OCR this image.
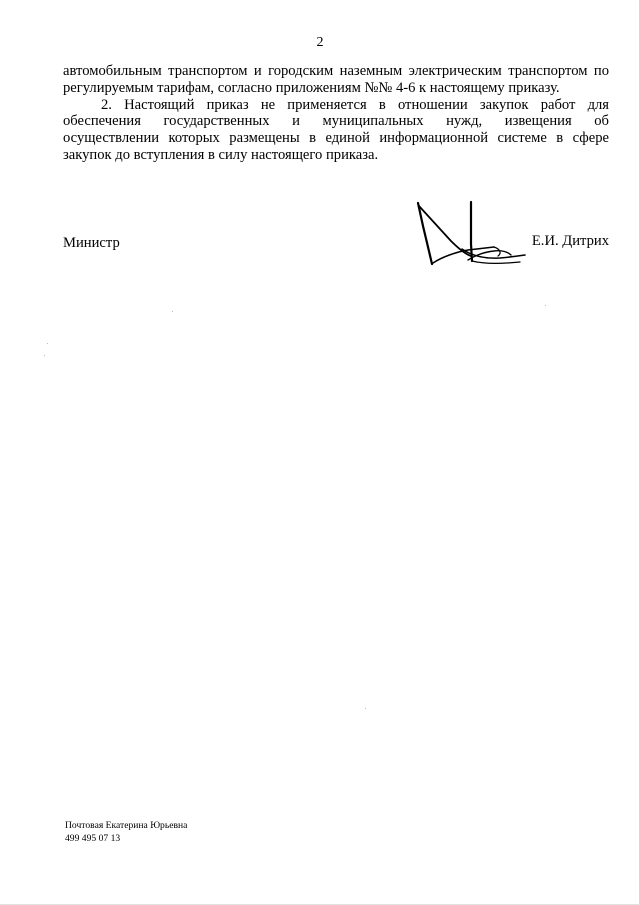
2
автомобильным транспортом и городским наземным электрическим транспортом по
регулируемым тарифам, согласно приложениям №№ 4-6 к настоящему приказу.
2. Настоящий приказ не применяется в отношении закупок работ для
обеспечения государственных и муниципальных нужд, извещения об
осуществлении которых размещены в единой информационной системе в сфере
закупок до вступления в силу настоящего приказа.
Министр	Е.И. Дитрих
Почтовая Екатерина Юрьевна
499 495 07 13
